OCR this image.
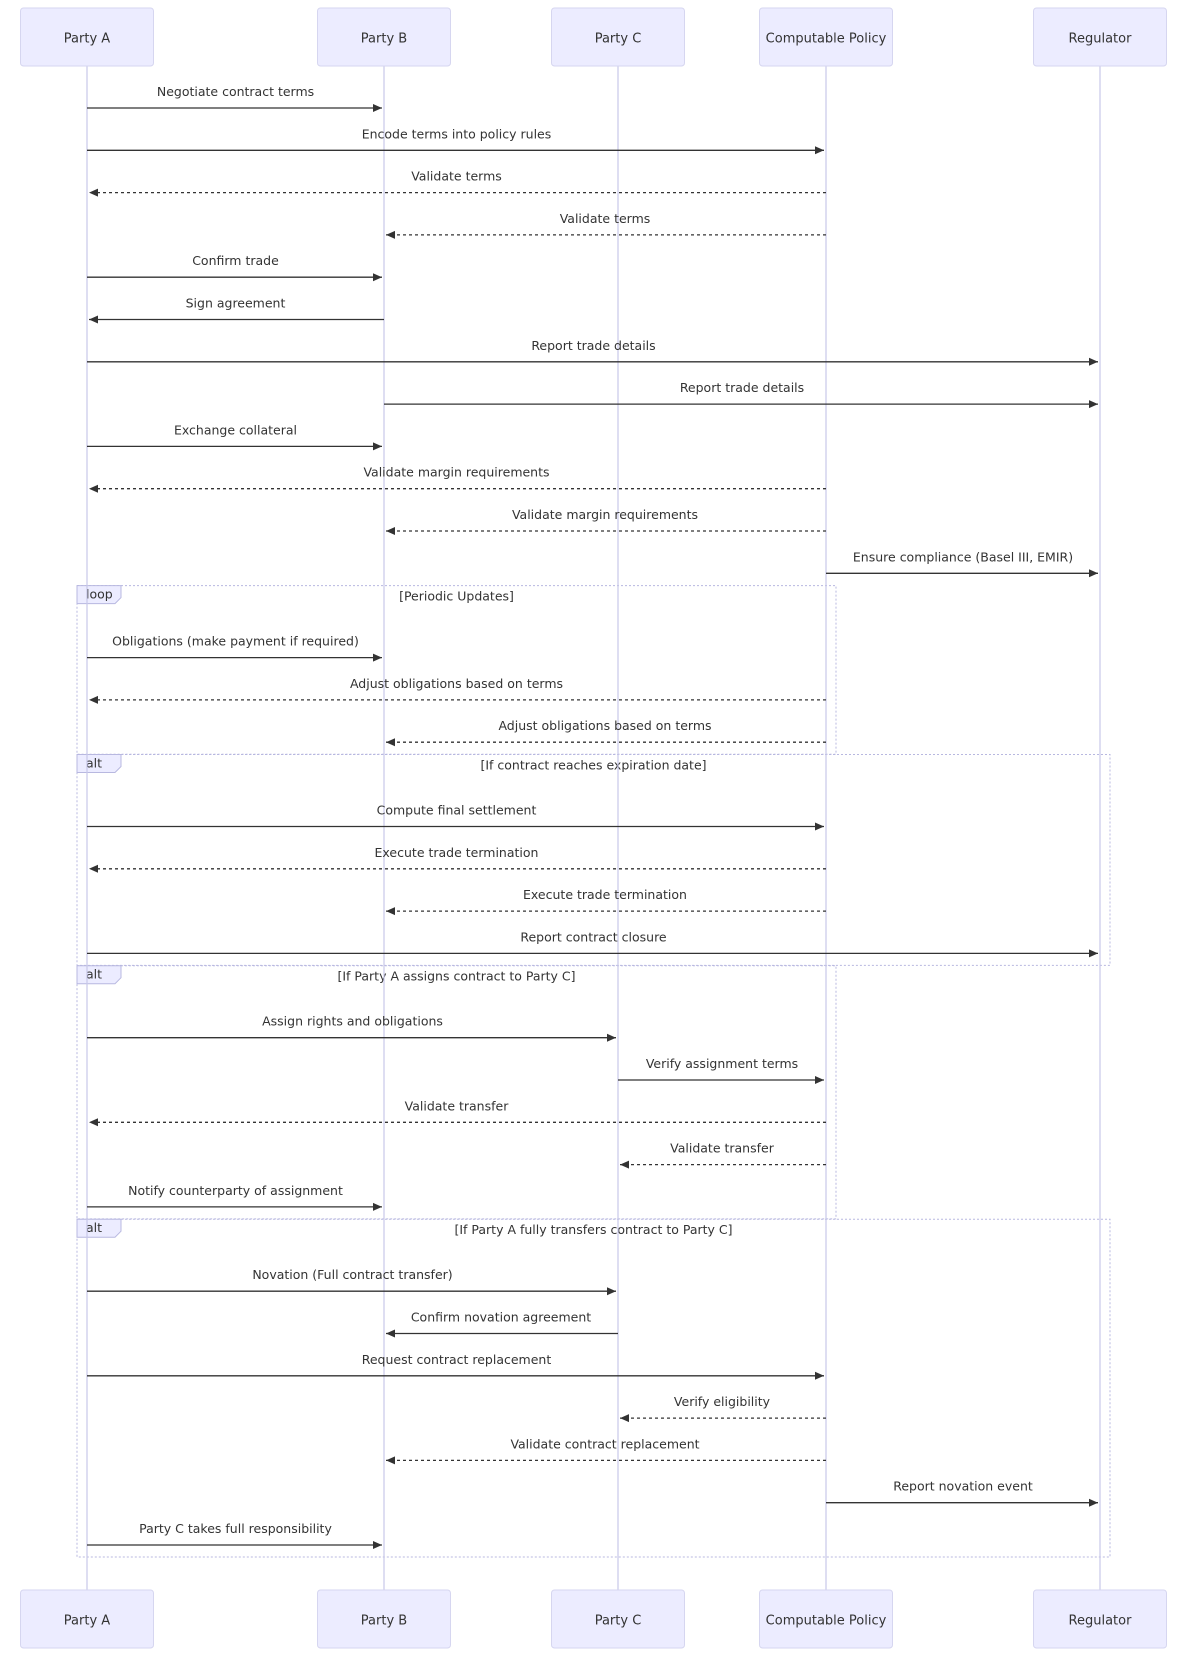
loop	[Periodic Updates]
alt	[If contract reaches expiration date]
alt	[If Party A assigns contract to Party C]
alt	[If Party A fully transfers contract to Party C]
Party A
Party A
Party B
Party B
Party C
Party C
Computable Policy
Computable Policy
Regulator
Regulator
Negotiate contract terms
Encode terms into policy rules
Validate terms
Validate terms
Confirm trade
Sign agreement
Report trade details
Report trade details
Exchange collateral
Validate margin requirements
Validate margin requirements
Ensure compliance (Basel III, EMIR)
Obligations (make payment if required)
Adjust obligations based on terms
Adjust obligations based on terms
Compute final settlement
Execute trade termination
Execute trade termination
Report contract closure
Assign rights and obligations
Verify assignment terms
Validate transfer
Validate transfer
Notify counterparty of assignment
Novation (Full contract transfer)
Confirm novation agreement
Request contract replacement
Verify eligibility
Validate contract replacement
Report novation event
Party C takes full responsibility
